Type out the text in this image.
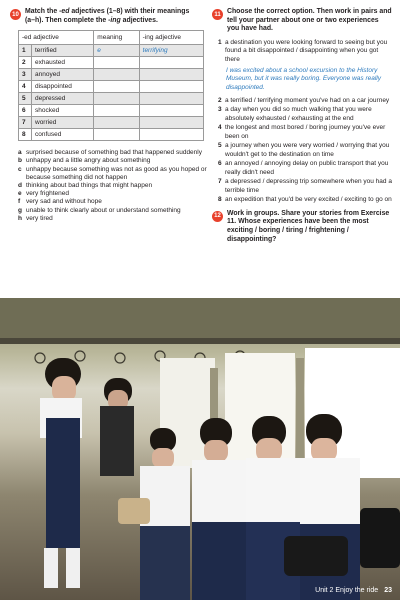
10 Match the -ed adjectives (1–8) with their meanings (a–h). Then complete the -ing adjectives.
-ed adjective		meaning	-ing adjective
1	terrified	e	terrifying
2	exhausted		
3	annoyed		
4	disappointed		
5	depressed		
6	shocked		
7	worried		
8	confused		
a surprised because of something bad that happened suddenly
b unhappy and a little angry about something
c unhappy because something was not as good as you hoped or because something did not happen
d thinking about bad things that might happen
e very frightened
f very sad and without hope
g unable to think clearly about or understand something
h very tired
11 Choose the correct option. Then work in pairs and tell your partner about one or two experiences you have had.
1 a destination you were looking forward to seeing but you found a bit disappointed / disappointing when you got there
I was excited about a school excursion to the History Museum, but it was really boring. Everyone was really disappointed.
2 a terrified / terrifying moment you've had on a car journey
3 a day when you did so much walking that you were absolutely exhausted / exhausting at the end
4 the longest and most bored / boring journey you've ever been on
5 a journey when you were very worried / worrying that you wouldn't get to the destination on time
6 an annoyed / annoying delay on public transport that you really didn't need
7 a depressed / depressing trip somewhere when you had a terrible time
8 an expedition that you'd be very excited / exciting to go on
12 Work in groups. Share your stories from Exercise 11. Whose experiences have been the most exciting / boring / tiring / frightening / disappointing?
Unit 2 Enjoy the ride 23
